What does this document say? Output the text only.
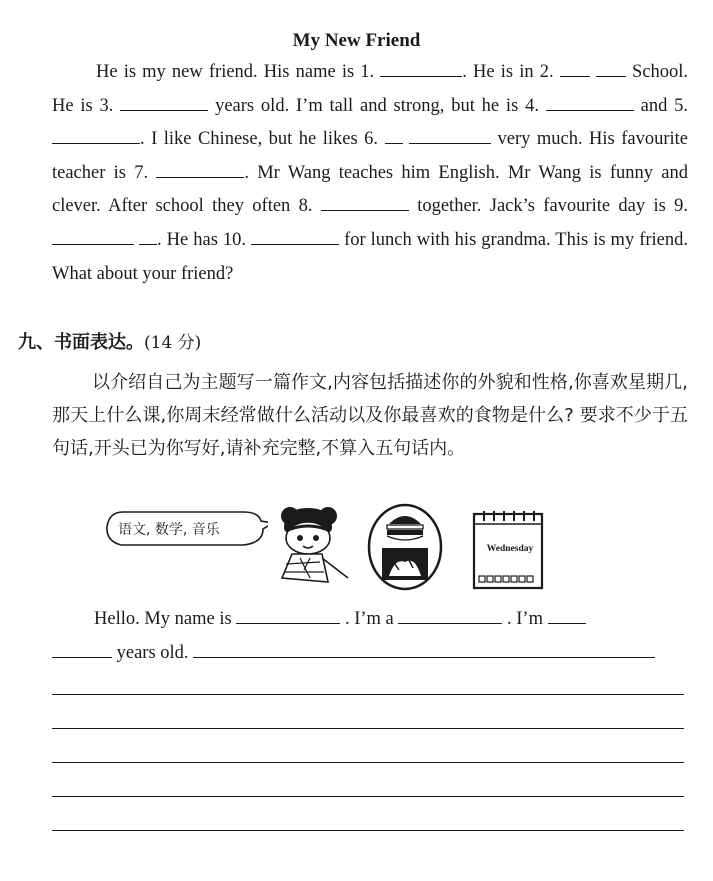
My New Friend

He is my new friend. His name is 1.	. He is in 2.	School. He is 3.	years old. I’m tall and strong, but he is 4.	and 5. . I like Chinese, but he likes 6.	very much. His favourite teacher is 7.	. Mr Wang teaches him English. Mr Wang is funny and clever. After school they often 8.	together. Jack’s favourite day is 9.  . He has 10.	for lunch with his grandma. This is my friend. What about your friend?

九、书面表达。(14 分)

以介绍自己为主题写一篇作文,内容包括描述你的外貌和性格,你喜欢星期几,那天上什么课,你周末经常做什么活动以及你最喜欢的食物是什么? 要求不少于五句话,开头已为你写好,请补充完整,不算入五句话内。

语文, 数学, 音乐
Wednesday
Hello. My name is	. I’m a	. I’m
years old.
